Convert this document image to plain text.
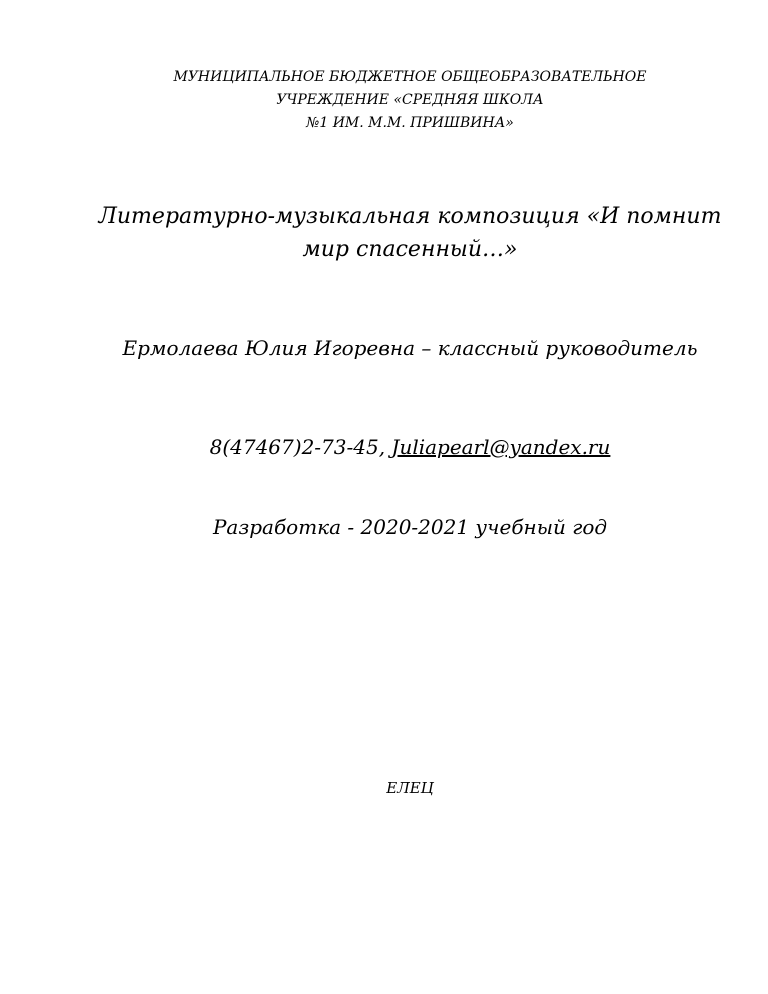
МУНИЦИПАЛЬНОЕ БЮДЖЕТНОЕ ОБЩЕОБРАЗОВАТЕЛЬНОЕ
УЧРЕЖДЕНИЕ «СРЕДНЯЯ ШКОЛА
№1 ИМ. М.М. ПРИШВИНА»
Литературно-музыкальная композиция «И помнит
мир спасенный…»
Ермолаева Юлия Игоревна – классный руководитель
8(47467)2-73-45, Juliapearl@yandex.ru
Разработка - 2020-2021 учебный год
ЕЛЕЦ
